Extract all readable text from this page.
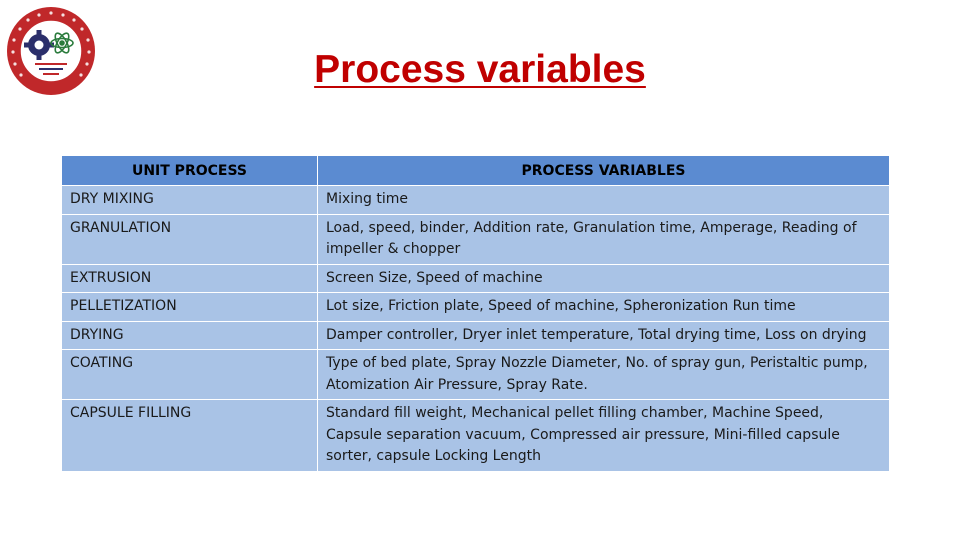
Process variables
UNIT PROCESS	PROCESS VARIABLES
DRY MIXING	Mixing time
GRANULATION	Load, speed, binder, Addition rate, Granulation time, Amperage, Reading of impeller & chopper
EXTRUSION	Screen Size, Speed of machine
PELLETIZATION	Lot size, Friction plate, Speed of machine, Spheronization Run time
DRYING	Damper controller, Dryer inlet temperature, Total drying time, Loss on drying
COATING	Type of bed plate, Spray Nozzle Diameter, No. of spray gun, Peristaltic pump, Atomization Air Pressure, Spray Rate.
CAPSULE FILLING	Standard fill weight, Mechanical pellet filling chamber, Machine Speed, Capsule separation vacuum, Compressed air pressure, Mini-filled capsule sorter, capsule Locking Length
